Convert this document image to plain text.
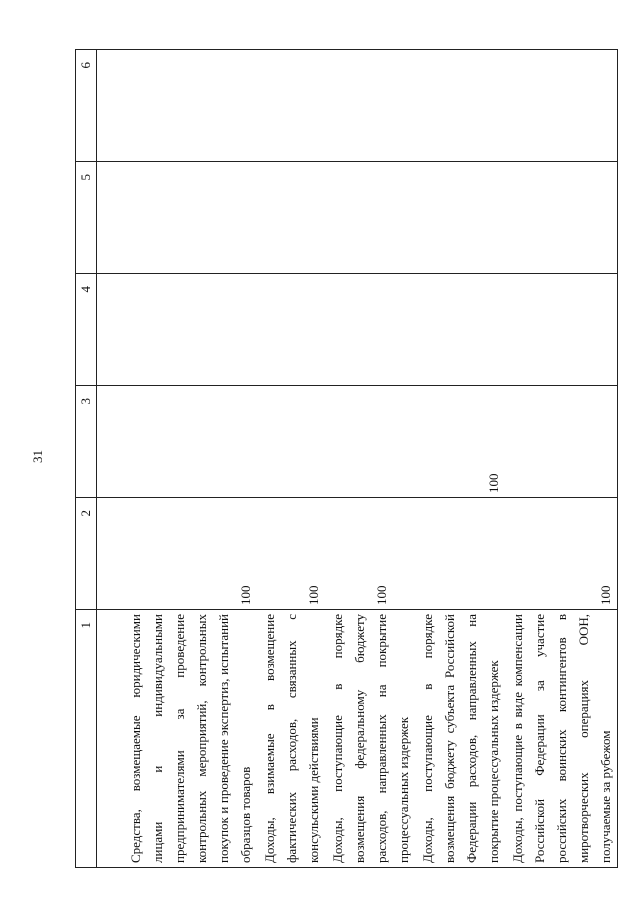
31
1	2	3	4	5	6

Средства, возмещаемые юридическими лицами и индивидуальными предпринимателями за проведение контрольных мероприятий, контрольных покупок и проведение экспертиз, испытаний образцов товаров	100				
Доходы, взимаемые в возмещение фактических расходов, связанных с консульскими действиями	100				
Доходы, поступающие в порядке возмещения федеральному бюджету расходов, направленных на покрытие процессуальных издержек	100				
Доходы, поступающие в порядке возмещения бюджету субъекта Российской Федерации расходов, направленных на покрытие процессуальных издержек		100			
Доходы, поступающие в виде компенсации Российской Федерации за участие российских воинских контингентов в миротворческих операциях ООН, получаемые за рубежом	100				
